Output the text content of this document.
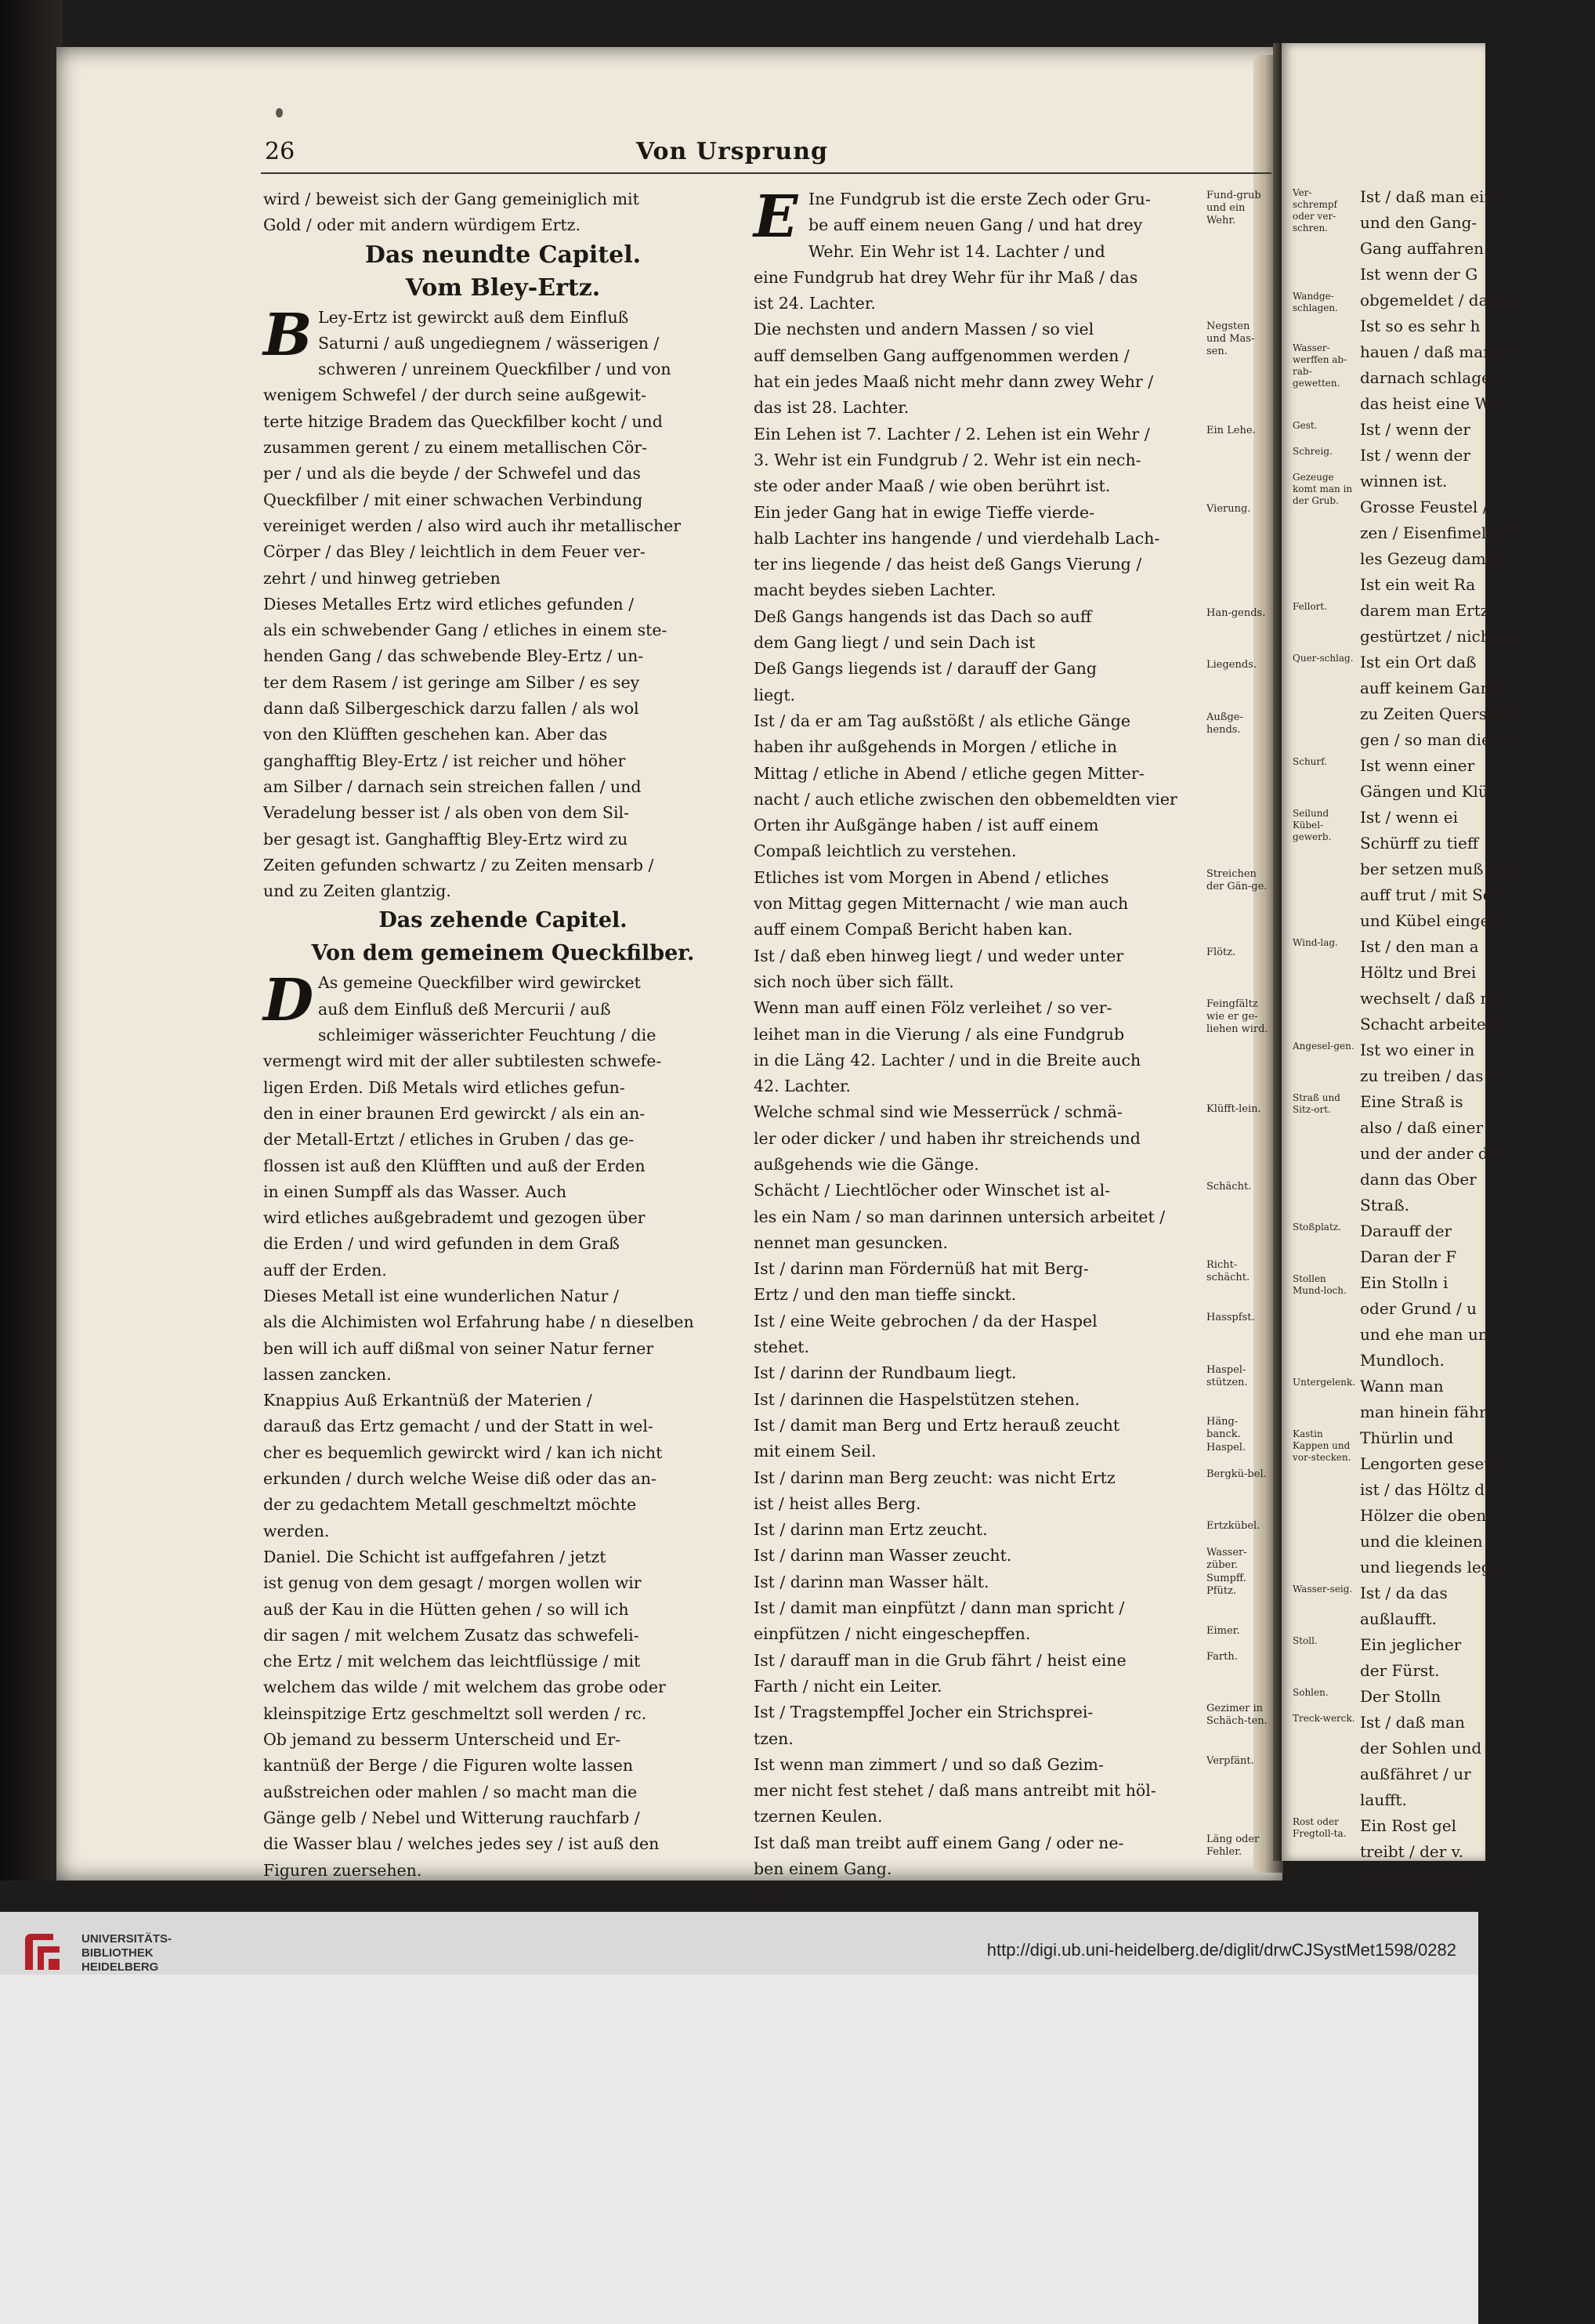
Ist / daß man ein
und den Gang-
Gang auffahren.
Ist wenn der G
obgemeldet / daß n
Ist so es sehr h
hauen / daß man P
darnach schlagen
das heist eine Wa
Ist / wenn der
Ist / wenn der
winnen ist.
Grosse Feustel /
zen / Eisenfimel / F
les Gezeug damit
Ist ein weit Ra
darem man Ertz
gestürtzet / nicht ge
Ist ein Ort daß
auff keinem Gang
zu Zeiten Querschl
gen / so man die ha
Ist wenn einer
Gängen und Klü
Ist / wenn ei
Schürff zu tieff
ber setzen muß / un
auff trut / mit Se
und Kübel einger
Ist / den man a
Höltz und Brei
wechselt / daß ma
Schacht arbeiten
Ist wo einer in
zu treiben / das h
Eine Straß is
also / daß einer
und der ander di
dann das Ober
Straß.
Darauff der
Daran der F
Ein Stolln i
oder Grund / u
und ehe man un
Mundloch.
Wann man
man hinein fähr
Thürlin und
Lengorten gesetz
ist / das Höltz d
Hölzer die oben
und die kleinen
und liegends leg
Ist / da das
außlaufft.
Ein jeglicher
der Fürst.
Der Stolln
Ist / daß man
der Sohlen und
außfähret / ur
laufft.
Ein Rost gel
treibt / der v.
tiefer / biß au
Ver-schrempf oder ver-schren.
Wandge-schlagen.
Wasser-werffen ab-rab-gewetten.
Gest.
Schreig.
Gezeuge komt man in der Grub.
Fellort.
Quer-schlag.
Schurf.
Seilund Kübel-gewerb.
Wind-lag.
Angesel-gen.
Straß und Sitz-ort.
Stoßplatz.
Stollen Mund-loch.
Untergelenk.
Kastin Kappen und vor-stecken.
Wasser-seig.
Stoll.
Sohlen.
Treck-werck.
Rost oder Fregtoll-ta.
26	Von Ursprung
wird / beweist sich der Gang gemeiniglich mit
Gold / oder mit andern würdigem Ertz.
Das neundte Capitel.
Vom Bley-Ertz.
B Ley-Ertz ist gewirckt auß dem Einfluß
Saturni / auß ungediegnem / wässerigen /
schweren / unreinem Queckfilber / und von
wenigem Schwefel / der durch seine außgewit-
terte hitzige Bradem das Queckfilber kocht / und
zusammen gerent / zu einem metallischen Cör-
per / und als die beyde / der Schwefel und das
Queckfilber / mit einer schwachen Verbindung
vereiniget werden / also wird auch ihr metallischer
Cörper / das Bley / leichtlich in dem Feuer ver-
zehrt / und hinweg getrieben
Dieses Metalles Ertz wird etliches gefunden /
als ein schwebender Gang / etliches in einem ste-
henden Gang / das schwebende Bley-Ertz / un-
ter dem Rasem / ist geringe am Silber / es sey
dann daß Silbergeschick darzu fallen / als wol
von den Klüfften geschehen kan. Aber das
ganghafftig Bley-Ertz / ist reicher und höher
am Silber / darnach sein streichen fallen / und
Veradelung besser ist / als oben von dem Sil-
ber gesagt ist. Ganghafftig Bley-Ertz wird zu
Zeiten gefunden schwartz / zu Zeiten mensarb /
und zu Zeiten glantzig.
Das zehende Capitel.
Von dem gemeinem Queckfilber.
D As gemeine Queckfilber wird gewircket
auß dem Einfluß deß Mercurii / auß
schleimiger wässerichter Feuchtung / die
vermengt wird mit der aller subtilesten schwefe-
ligen Erden. Diß Metals wird etliches gefun-
den in einer braunen Erd gewirckt / als ein an-
der Metall-Ertzt / etliches in Gruben / das ge-
flossen ist auß den Klüfften und auß der Erden
in einen Sumpff als das Wasser. Auch
wird etliches außgebrademt und gezogen über
die Erden / und wird gefunden in dem Graß
auff der Erden.
Dieses Metall ist eine wunderlichen Natur /
als die Alchimisten wol Erfahrung habe / n dieselben
ben will ich auff dißmal von seiner Natur ferner
lassen zancken.
Knappius Auß Erkantnüß der Materien /
darauß das Ertz gemacht / und der Statt in wel-
cher es bequemlich gewirckt wird / kan ich nicht
erkunden / durch welche Weise diß oder das an-
der zu gedachtem Metall geschmeltzt möchte
werden.
Daniel. Die Schicht ist auffgefahren / jetzt
ist genug von dem gesagt / morgen wollen wir
auß der Kau in die Hütten gehen / so will ich
dir sagen / mit welchem Zusatz das schwefeli-
che Ertz / mit welchem das leichtflüssige / mit
welchem das wilde / mit welchem das grobe oder
kleinspitzige Ertz geschmeltzt soll werden / rc.
Ob jemand zu besserm Unterscheid und Er-
kantnüß der Berge / die Figuren wolte lassen
außstreichen oder mahlen / so macht man die
Gänge gelb / Nebel und Witterung rauchfarb /
die Wasser blau / welches jedes sey / ist auß den
Figuren zuersehen.
E Ine Fundgrub ist die erste Zech oder Gru-
be auff einem neuen Gang / und hat drey
Wehr. Ein Wehr ist 14. Lachter / und
eine Fundgrub hat drey Wehr für ihr Maß / das
ist 24. Lachter.
Die nechsten und andern Massen / so viel
auff demselben Gang auffgenommen werden /
hat ein jedes Maaß nicht mehr dann zwey Wehr /
das ist 28. Lachter.
Ein Lehen ist 7. Lachter / 2. Lehen ist ein Wehr /
3. Wehr ist ein Fundgrub / 2. Wehr ist ein nech-
ste oder ander Maaß / wie oben berührt ist.
Ein jeder Gang hat in ewige Tieffe vierde-
halb Lachter ins hangende / und vierdehalb Lach-
ter ins liegende / das heist deß Gangs Vierung /
macht beydes sieben Lachter.
Deß Gangs hangends ist das Dach so auff
dem Gang liegt / und sein Dach ist
Deß Gangs liegends ist / darauff der Gang
liegt.
Ist / da er am Tag außstößt / als etliche Gänge
haben ihr außgehends in Morgen / etliche in
Mittag / etliche in Abend / etliche gegen Mitter-
nacht / auch etliche zwischen den obbemeldten vier
Orten ihr Außgänge haben / ist auff einem
Compaß leichtlich zu verstehen.
Etliches ist vom Morgen in Abend / etliches
von Mittag gegen Mitternacht / wie man auch
auff einem Compaß Bericht haben kan.
Ist / daß eben hinweg liegt / und weder unter
sich noch über sich fällt.
Wenn man auff einen Fölz verleihet / so ver-
leihet man in die Vierung / als eine Fundgrub
in die Läng 42. Lachter / und in die Breite auch
42. Lachter.
Welche schmal sind wie Messerrück / schmä-
ler oder dicker / und haben ihr streichends und
außgehends wie die Gänge.
Schächt / Liechtlöcher oder Winschet ist al-
les ein Nam / so man darinnen untersich arbeitet /
nennet man gesuncken.
Ist / darinn man Fördernüß hat mit Berg-
Ertz / und den man tieffe sinckt.
Ist / eine Weite gebrochen / da der Haspel
stehet.
Ist / darinn der Rundbaum liegt.
Ist / darinnen die Haspelstützen stehen.
Ist / damit man Berg und Ertz herauß zeucht
mit einem Seil.
Ist / darinn man Berg zeucht: was nicht Ertz
ist / heist alles Berg.
Ist / darinn man Ertz zeucht.
Ist / darinn man Wasser zeucht.
Ist / darinn man Wasser hält.
Ist / damit man einpfützt / dann man spricht /
einpfützen / nicht eingeschepffen.
Ist / darauff man in die Grub fährt / heist eine
Farth / nicht ein Leiter.
Ist / Tragstempffel Jocher ein Strichsprei-
tzen.
Ist wenn man zimmert / und so daß Gezim-
mer nicht fest stehet / daß mans antreibt mit höl-
tzernen Keulen.
Ist daß man treibt auff einem Gang / oder ne-
ben einem Gang.
Ist /
Fund-grub und ein Wehr.
Negsten und Mas-sen.
Ein Lehe.
Vierung.
Han-gends.
Liegends.
Außge-hends.
Streichen der Gän-ge.
Flötz.
Feingfältz wie er ge-liehen wird.
Klüfft-lein.
Schächt.
Richt-schächt.
Hasspfst.
Haspel-stützen.
Häng-banck.
Haspel.
Bergkü-bel.
Ertzkübel.
Wasser-züber.
Sumpff. Pfütz.
Eimer.
Farth.
Gezimer in Schäch-ten.
Verpfänt.
Läng oder Fehler.
UNIVERSITÄTS-
BIBLIOTHEK
HEIDELBERG
http://digi.ub.uni-heidelberg.de/diglit/drwCJSystMet1598/0282
